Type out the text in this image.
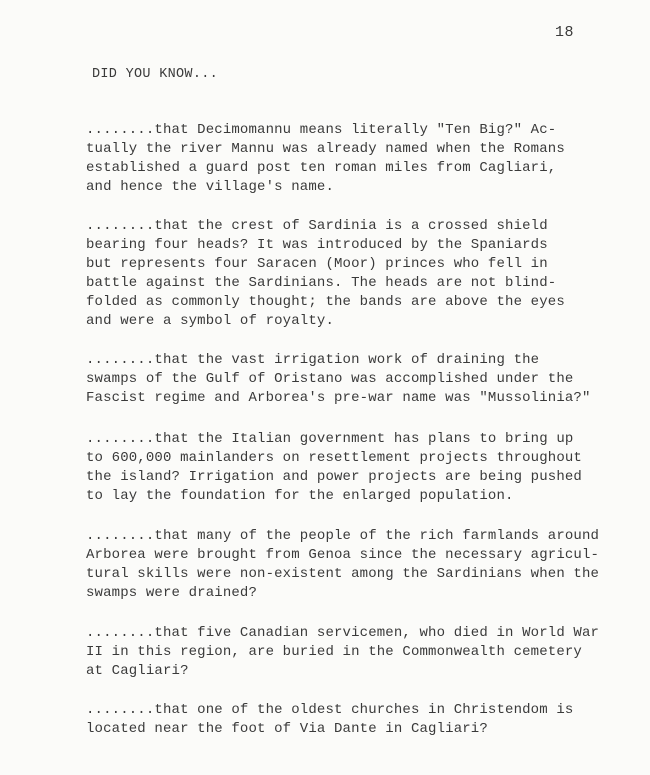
18
DID YOU KNOW...
........that Decimomannu means literally "Ten Big?" Ac-
tually the river Mannu was already named when the Romans
established a guard post ten roman miles from Cagliari,
and hence the village's name.
........that the crest of Sardinia is a crossed shield
bearing four heads? It was introduced by the Spaniards
but represents four Saracen (Moor) princes who fell in
battle against the Sardinians. The heads are not blind-
folded as commonly thought; the bands are above the eyes
and were a symbol of royalty.
........that the vast irrigation work of draining the
swamps of the Gulf of Oristano was accomplished under the
Fascist regime and Arborea's pre-war name was "Mussolinia?"
........that the Italian government has plans to bring up
to 600,000 mainlanders on resettlement projects throughout
the island? Irrigation and power projects are being pushed
to lay the foundation for the enlarged population.
........that many of the people of the rich farmlands around
Arborea were brought from Genoa since the necessary agricul-
tural skills were non-existent among the Sardinians when the
swamps were drained?
........that five Canadian servicemen, who died in World War
II in this region, are buried in the Commonwealth cemetery
at Cagliari?
........that one of the oldest churches in Christendom is
located near the foot of Via Dante in Cagliari?
